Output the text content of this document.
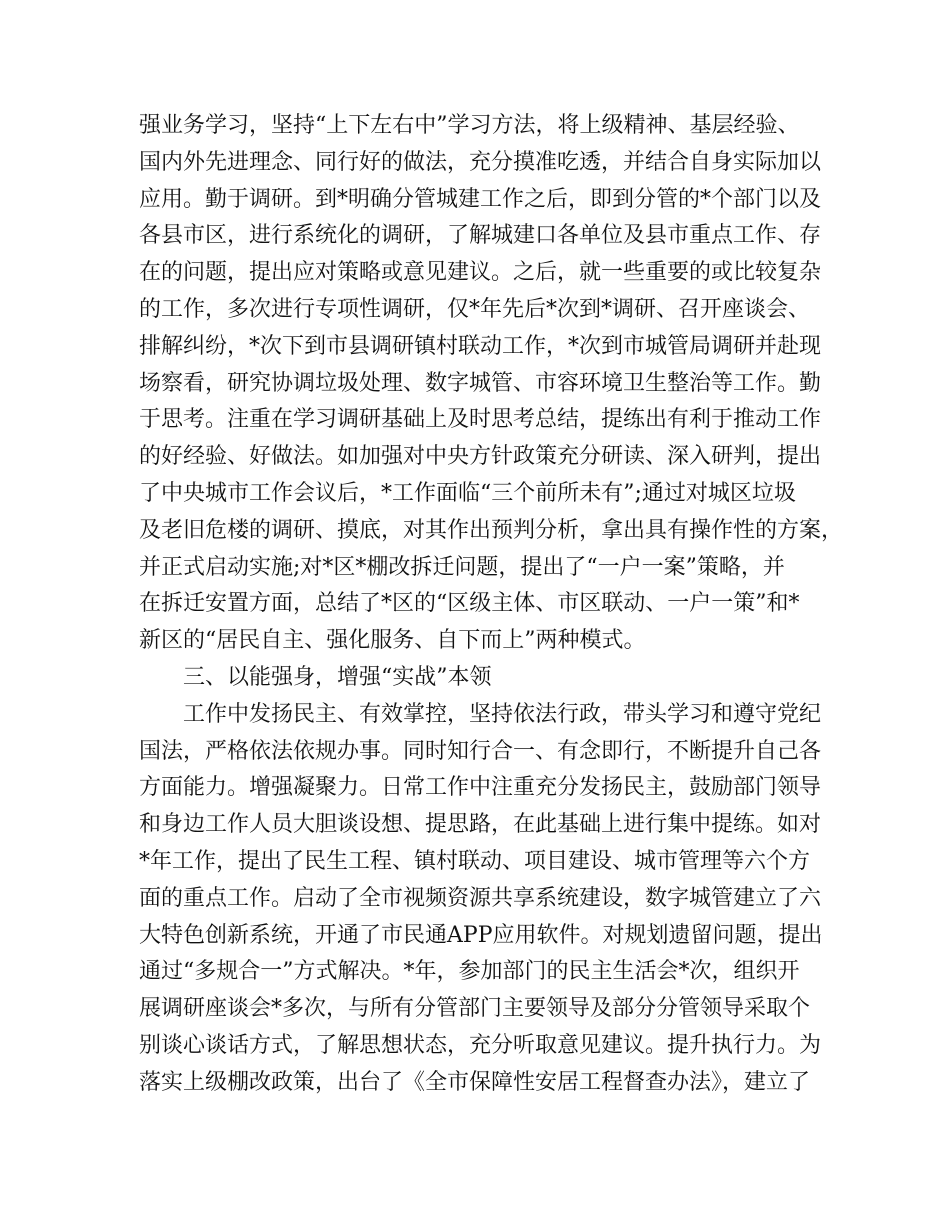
强业务学习，坚持“上下左右中”学习方法，将上级精神、基层经验、
国内外先进理念、同行好的做法，充分摸准吃透，并结合自身实际加以
应用。勤于调研。到*明确分管城建工作之后，即到分管的*个部门以及
各县市区，进行系统化的调研，了解城建口各单位及县市重点工作、存
在的问题，提出应对策略或意见建议。之后，就一些重要的或比较复杂
的工作，多次进行专项性调研，仅*年先后*次到*调研、召开座谈会、
排解纠纷，*次下到市县调研镇村联动工作，*次到市城管局调研并赴现
场察看，研究协调垃圾处理、数字城管、市容环境卫生整治等工作。勤
于思考。注重在学习调研基础上及时思考总结，提练出有利于推动工作
的好经验、好做法。如加强对中央方针政策充分研读、深入研判，提出
了中央城市工作会议后，*工作面临“三个前所未有”;通过对城区垃圾
及老旧危楼的调研、摸底，对其作出预判分析，拿出具有操作性的方案，
并正式启动实施;对*区*棚改拆迁问题，提出了“一户一案”策略，并
在拆迁安置方面，总结了*区的“区级主体、市区联动、一户一策”和*
新区的“居民自主、强化服务、自下而上”两种模式。
三、以能强身，增强“实战”本领
工作中发扬民主、有效掌控，坚持依法行政，带头学习和遵守党纪
国法，严格依法依规办事。同时知行合一、有念即行，不断提升自己各
方面能力。增强凝聚力。日常工作中注重充分发扬民主，鼓励部门领导
和身边工作人员大胆谈设想、提思路，在此基础上进行集中提练。如对
*年工作，提出了民生工程、镇村联动、项目建设、城市管理等六个方
面的重点工作。启动了全市视频资源共享系统建设，数字城管建立了六
大特色创新系统，开通了市民通APP应用软件。对规划遗留问题，提出
通过“多规合一”方式解决。*年，参加部门的民主生活会*次，组织开
展调研座谈会*多次，与所有分管部门主要领导及部分分管领导采取个
别谈心谈话方式，了解思想状态，充分听取意见建议。提升执行力。为
落实上级棚改政策，出台了《全市保障性安居工程督查办法》，建立了
